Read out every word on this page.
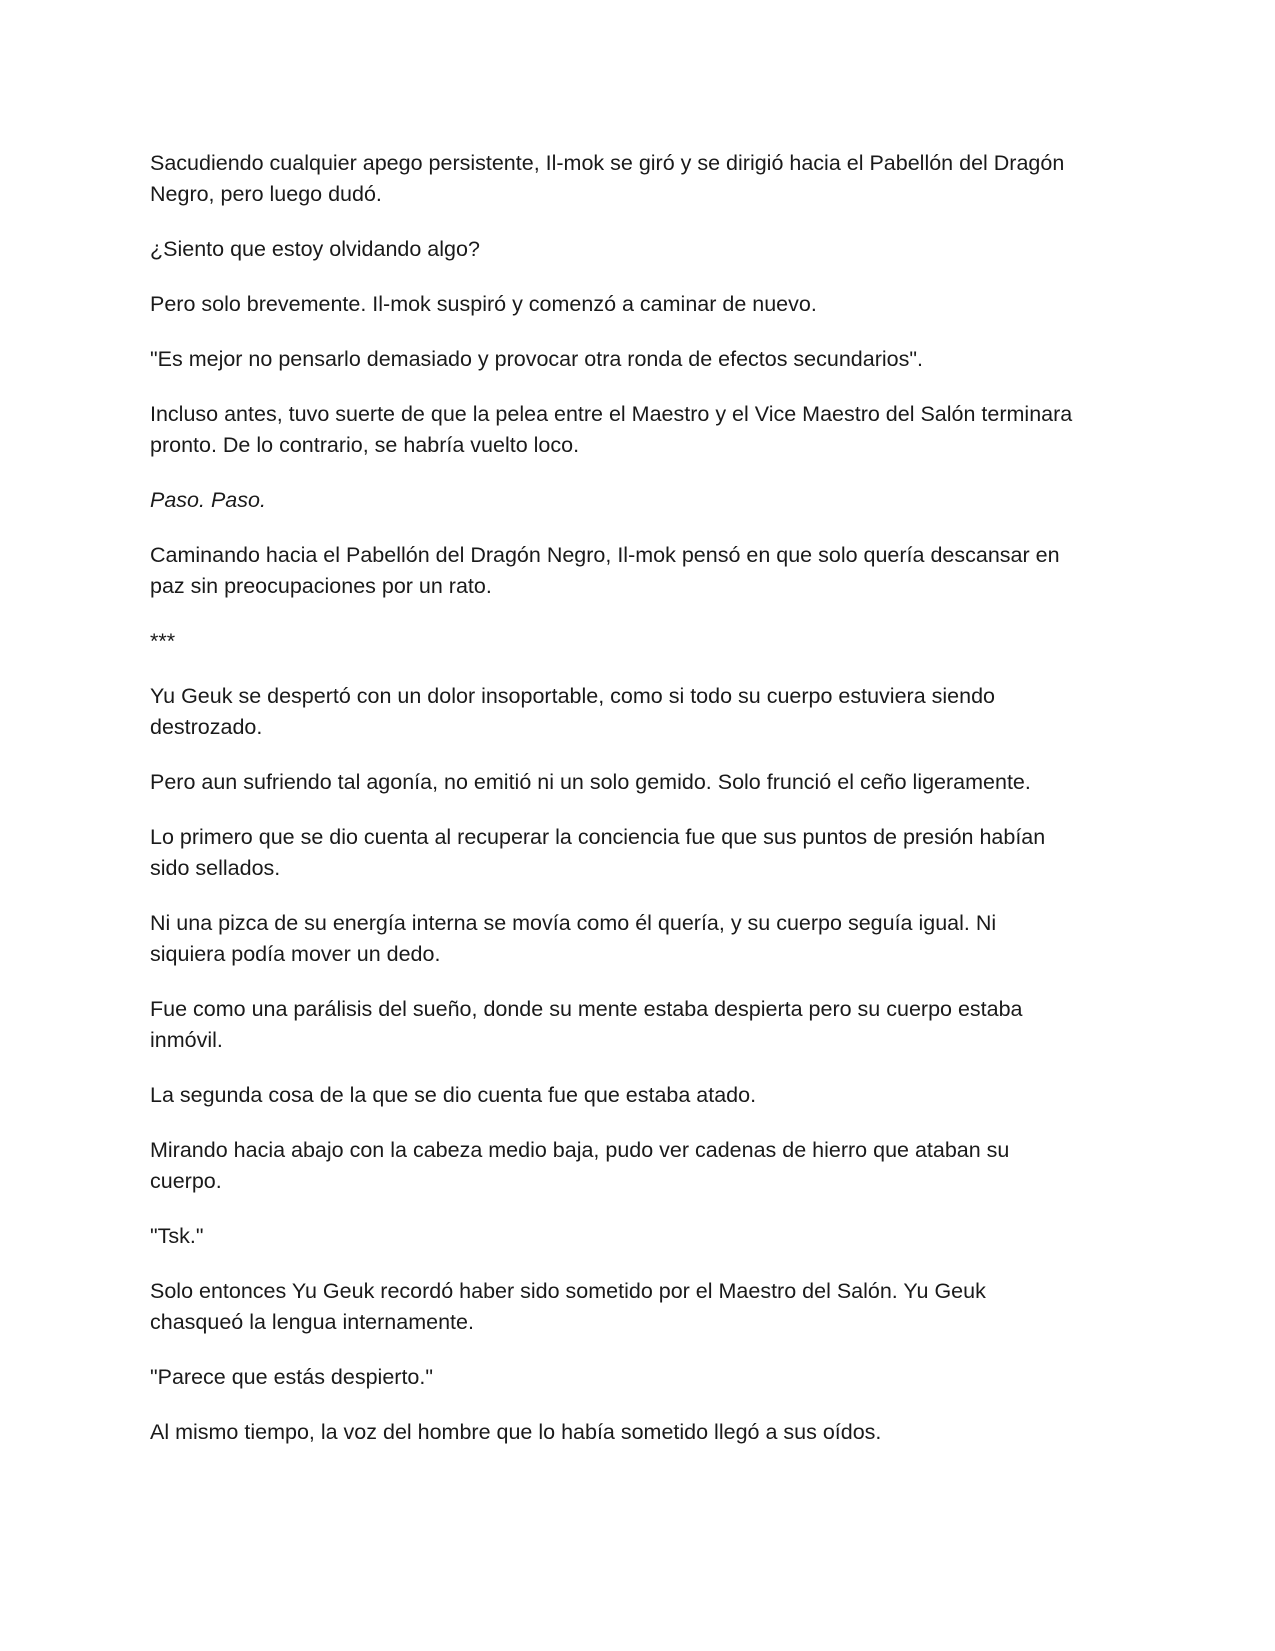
Sacudiendo cualquier apego persistente, Il-mok se giró y se dirigió hacia el Pabellón del Dragón Negro, pero luego dudó.

¿Siento que estoy olvidando algo?

Pero solo brevemente. Il-mok suspiró y comenzó a caminar de nuevo.

"Es mejor no pensarlo demasiado y provocar otra ronda de efectos secundarios".

Incluso antes, tuvo suerte de que la pelea entre el Maestro y el Vice Maestro del Salón terminara pronto. De lo contrario, se habría vuelto loco.

Paso. Paso.

Caminando hacia el Pabellón del Dragón Negro, Il-mok pensó en que solo quería descansar en paz sin preocupaciones por un rato.

***

Yu Geuk se despertó con un dolor insoportable, como si todo su cuerpo estuviera siendo destrozado.

Pero aun sufriendo tal agonía, no emitió ni un solo gemido. Solo frunció el ceño ligeramente.

Lo primero que se dio cuenta al recuperar la conciencia fue que sus puntos de presión habían sido sellados.

Ni una pizca de su energía interna se movía como él quería, y su cuerpo seguía igual. Ni siquiera podía mover un dedo.

Fue como una parálisis del sueño, donde su mente estaba despierta pero su cuerpo estaba inmóvil.

La segunda cosa de la que se dio cuenta fue que estaba atado.

Mirando hacia abajo con la cabeza medio baja, pudo ver cadenas de hierro que ataban su cuerpo.

"Tsk."

Solo entonces Yu Geuk recordó haber sido sometido por el Maestro del Salón. Yu Geuk chasqueó la lengua internamente.

"Parece que estás despierto."

Al mismo tiempo, la voz del hombre que lo había sometido llegó a sus oídos.
